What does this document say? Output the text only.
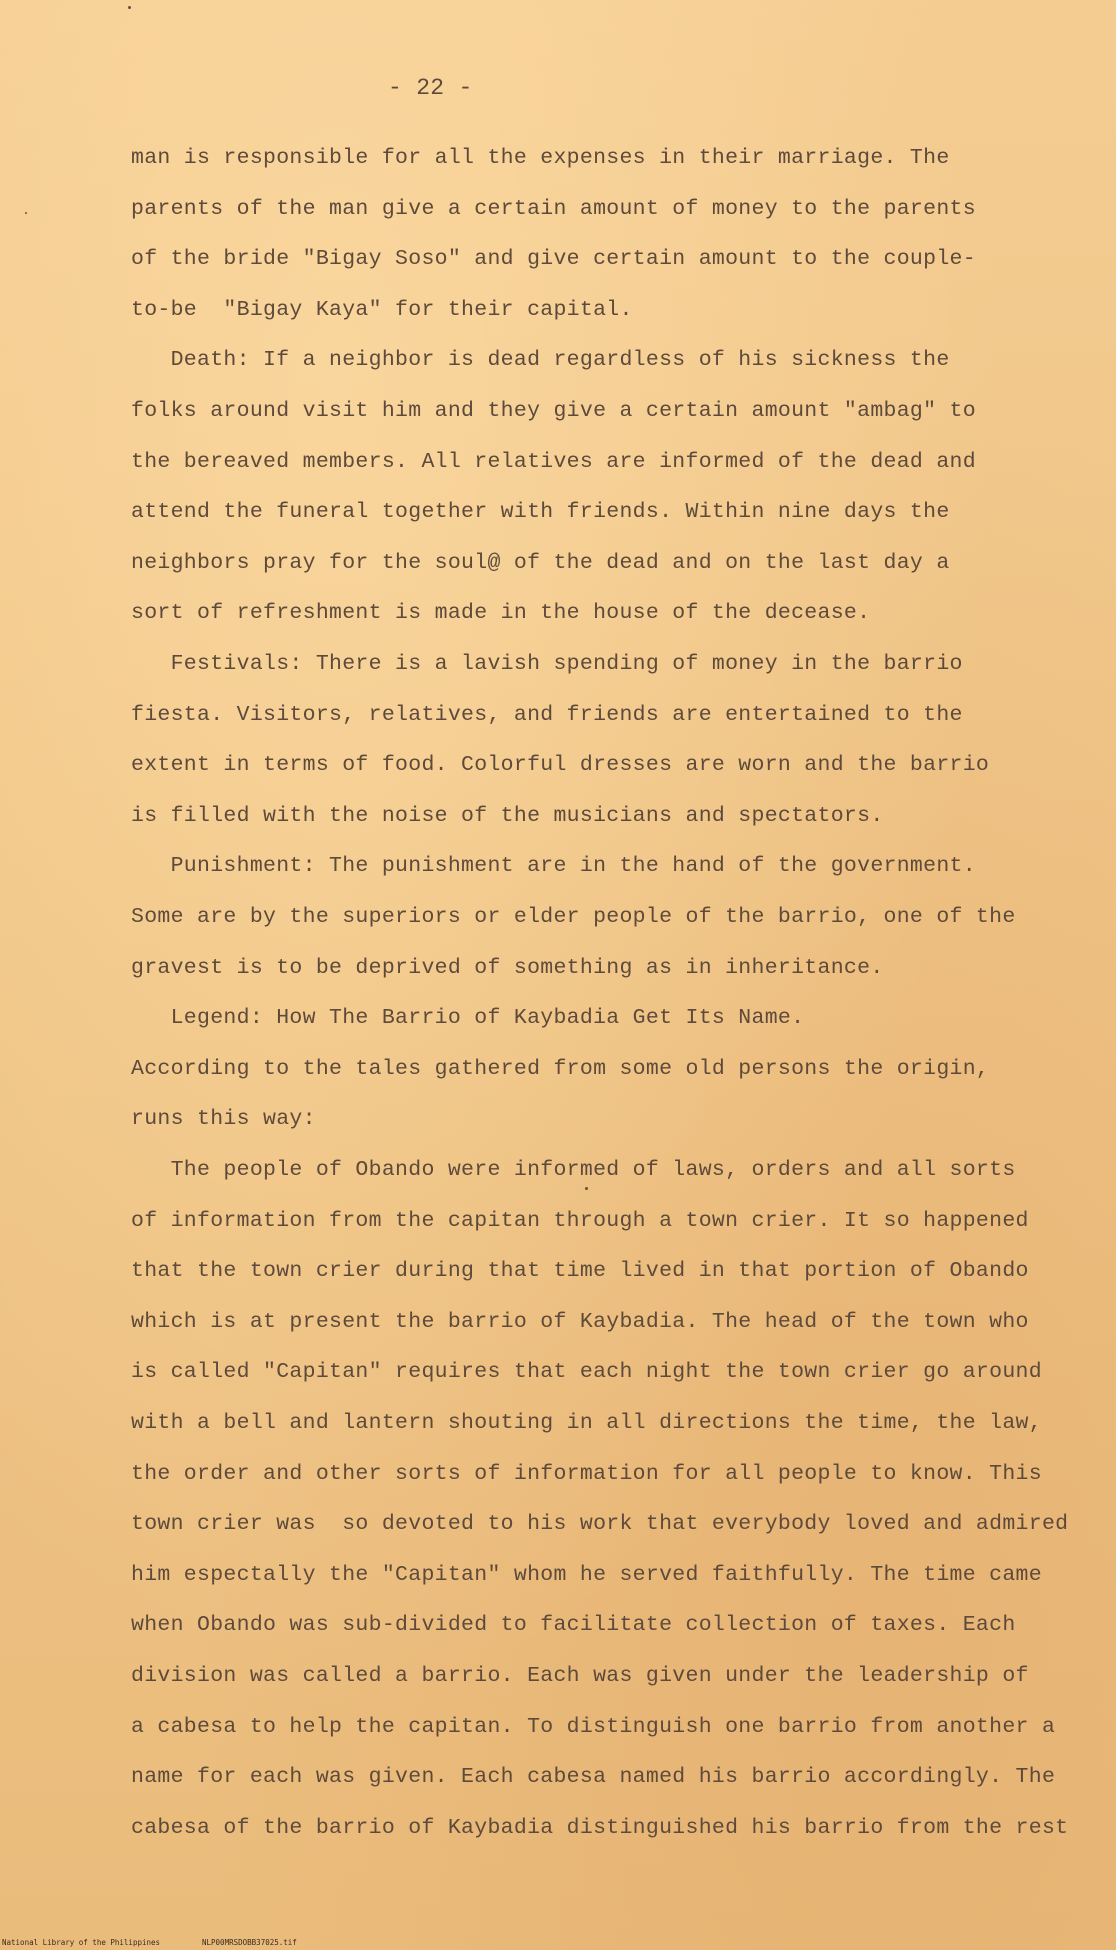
- 22 -
man is responsible for all the expenses in their marriage. The
parents of the man give a certain amount of money to the parents
of the bride "Bigay Soso" and give certain amount to the couple-
to-be  "Bigay Kaya" for their capital.
Death: If a neighbor is dead regardless of his sickness the
folks around visit him and they give a certain amount "ambag" to
the bereaved members. All relatives are informed of the dead and
attend the funeral together with friends. Within nine days the
neighbors pray for the soul@ of the dead and on the last day a
sort of refreshment is made in the house of the decease.
Festivals: There is a lavish spending of money in the barrio
fiesta. Visitors, relatives, and friends are entertained to the
extent in terms of food. Colorful dresses are worn and the barrio
is filled with the noise of the musicians and spectators.
Punishment: The punishment are in the hand of the government.
Some are by the superiors or elder people of the barrio, one of the
gravest is to be deprived of something as in inheritance.
Legend: How The Barrio of Kaybadia Get Its Name.
According to the tales gathered from some old persons the origin,
runs this way:
The people of Obando were informed of laws, orders and all sorts
of information from the capitan through a town crier. It so happened
that the town crier during that time lived in that portion of Obando
which is at present the barrio of Kaybadia. The head of the town who
is called "Capitan" requires that each night the town crier go around
with a bell and lantern shouting in all directions the time, the law,
the order and other sorts of information for all people to know. This
town crier was  so devoted to his work that everybody loved and admired
him espectally the "Capitan" whom he served faithfully. The time came
when Obando was sub-divided to facilitate collection of taxes. Each
division was called a barrio. Each was given under the leadership of
a cabesa to help the capitan. To distinguish one barrio from another a
name for each was given. Each cabesa named his barrio accordingly. The
cabesa of the barrio of Kaybadia distinguished his barrio from the rest
National Library of the Philippines	NLP00MRSDOBB37025.tif
